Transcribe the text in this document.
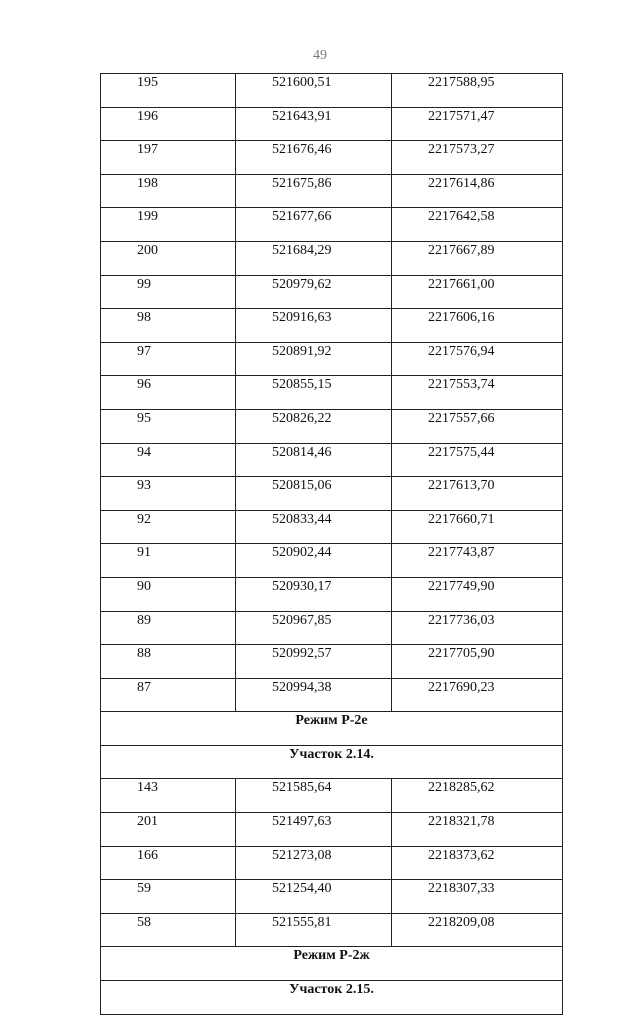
49
195	521600,51	2217588,95
196	521643,91	2217571,47
197	521676,46	2217573,27
198	521675,86	2217614,86
199	521677,66	2217642,58
200	521684,29	2217667,89
99	520979,62	2217661,00
98	520916,63	2217606,16
97	520891,92	2217576,94
96	520855,15	2217553,74
95	520826,22	2217557,66
94	520814,46	2217575,44
93	520815,06	2217613,70
92	520833,44	2217660,71
91	520902,44	2217743,87
90	520930,17	2217749,90
89	520967,85	2217736,03
88	520992,57	2217705,90
87	520994,38	2217690,23
Режим Р-2е		
Участок 2.14.		
143	521585,64	2218285,62
201	521497,63	2218321,78
166	521273,08	2218373,62
59	521254,40	2218307,33
58	521555,81	2218209,08
Режим Р-2ж		
Участок 2.15.		
